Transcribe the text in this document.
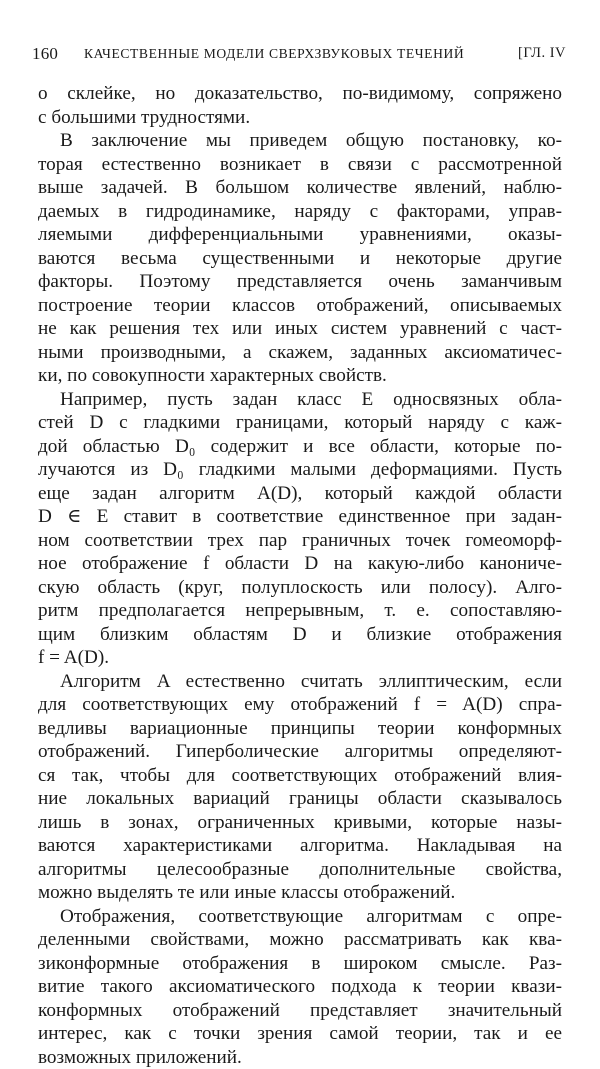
160 КАЧЕСТВЕННЫЕ МОДЕЛИ СВЕРХЗВУКОВЫХ ТЕЧЕНИЙ	[ГЛ. IV
о склейке, но доказательство, по-видимому, сопряжено
с большими трудностями.
В заключение мы приведем общую постановку, ко-
торая естественно возникает в связи с рассмотренной
выше задачей. В большом количестве явлений, наблю-
даемых в гидродинамике, наряду с факторами, управ-
ляемыми дифференциальными уравнениями, оказы-
ваются весьма существенными и некоторые другие
факторы. Поэтому представляется очень заманчивым
построение теории классов отображений, описываемых
не как решения тех или иных систем уравнений с част-
ными производными, а скажем, заданных аксиоматичес-
ки, по совокупности характерных свойств.
Например, пусть задан класс E односвязных обла-
стей D с гладкими границами, который наряду с каж-
дой областью D₀ содержит и все области, которые по-
лучаются из D₀ гладкими малыми деформациями. Пусть
еще задан алгоритм A(D), который каждой области
D ∈ E ставит в соответствие единственное при задан-
ном соответствии трех пар граничных точек гомеоморф-
ное отображение f области D на какую-либо канониче-
скую область (круг, полуплоскость или полосу). Алго-
ритм предполагается непрерывным, т. е. сопоставляю-
щим близким областям D и близкие отображения
f = A(D).
Алгоритм A естественно считать эллиптическим, если
для соответствующих ему отображений f = A(D) спра-
ведливы вариационные принципы теории конформных
отображений. Гиперболические алгоритмы определяют-
ся так, чтобы для соответствующих отображений влия-
ние локальных вариаций границы области сказывалось
лишь в зонах, ограниченных кривыми, которые назы-
ваются характеристиками алгоритма. Накладывая на
алгоритмы целесообразные дополнительные свойства,
можно выделять те или иные классы отображений.
Отображения, соответствующие алгоритмам с опре-
деленными свойствами, можно рассматривать как ква-
зиконформные отображения в широком смысле. Раз-
витие такого аксиоматического подхода к теории квази-
конформных отображений представляет значительный
интерес, как с точки зрения самой теории, так и ее
возможных приложений.
